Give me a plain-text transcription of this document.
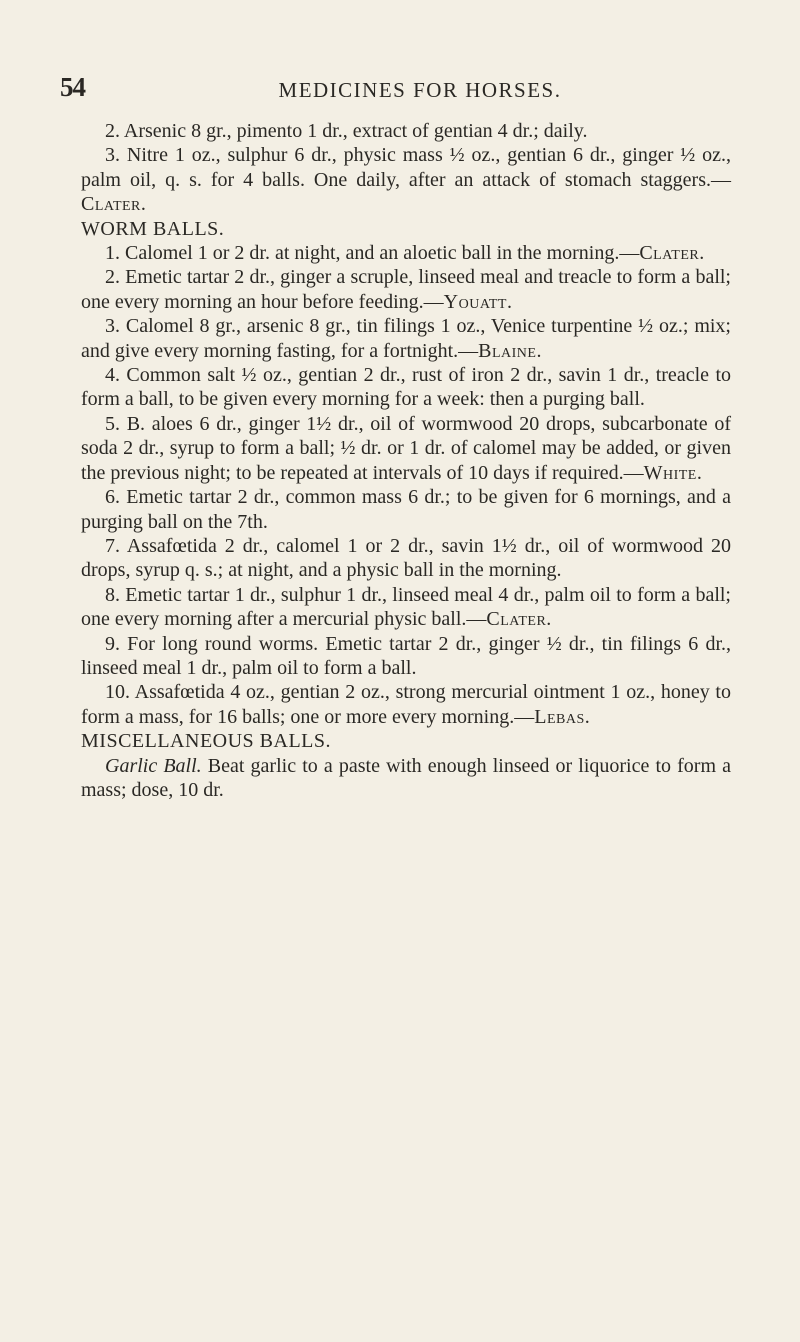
54	MEDICINES FOR HORSES.

2. Arsenic 8 gr., pimento 1 dr., extract of gentian 4 dr.; daily.

3. Nitre 1 oz., sulphur 6 dr., physic mass ½ oz., gentian 6 dr., ginger ½ oz., palm oil, q. s. for 4 balls. One daily, after an attack of stomach staggers.—Clater.

WORM BALLS.

1. Calomel 1 or 2 dr. at night, and an aloetic ball in the morning.—Clater.

2. Emetic tartar 2 dr., ginger a scruple, linseed meal and treacle to form a ball; one every morning an hour before feeding.—Youatt.

3. Calomel 8 gr., arsenic 8 gr., tin filings 1 oz., Venice turpentine ½ oz.; mix; and give every morning fasting, for a fortnight.—Blaine.

4. Common salt ½ oz., gentian 2 dr., rust of iron 2 dr., savin 1 dr., treacle to form a ball, to be given every morning for a week: then a purging ball.

5. B. aloes 6 dr., ginger 1½ dr., oil of wormwood 20 drops, subcarbonate of soda 2 dr., syrup to form a ball; ½ dr. or 1 dr. of calomel may be added, or given the previous night; to be repeated at intervals of 10 days if required.—White.

6. Emetic tartar 2 dr., common mass 6 dr.; to be given for 6 mornings, and a purging ball on the 7th.

7. Assafœtida 2 dr., calomel 1 or 2 dr., savin 1½ dr., oil of wormwood 20 drops, syrup q. s.; at night, and a physic ball in the morning.

8. Emetic tartar 1 dr., sulphur 1 dr., linseed meal 4 dr., palm oil to form a ball; one every morning after a mercurial physic ball.—Clater.

9. For long round worms. Emetic tartar 2 dr., ginger ½ dr., tin filings 6 dr., linseed meal 1 dr., palm oil to form a ball.

10. Assafœtida 4 oz., gentian 2 oz., strong mercurial ointment 1 oz., honey to form a mass, for 16 balls; one or more every morning.—Lebas.

MISCELLANEOUS BALLS.

Garlic Ball. Beat garlic to a paste with enough linseed or liquorice to form a mass; dose, 10 dr.
